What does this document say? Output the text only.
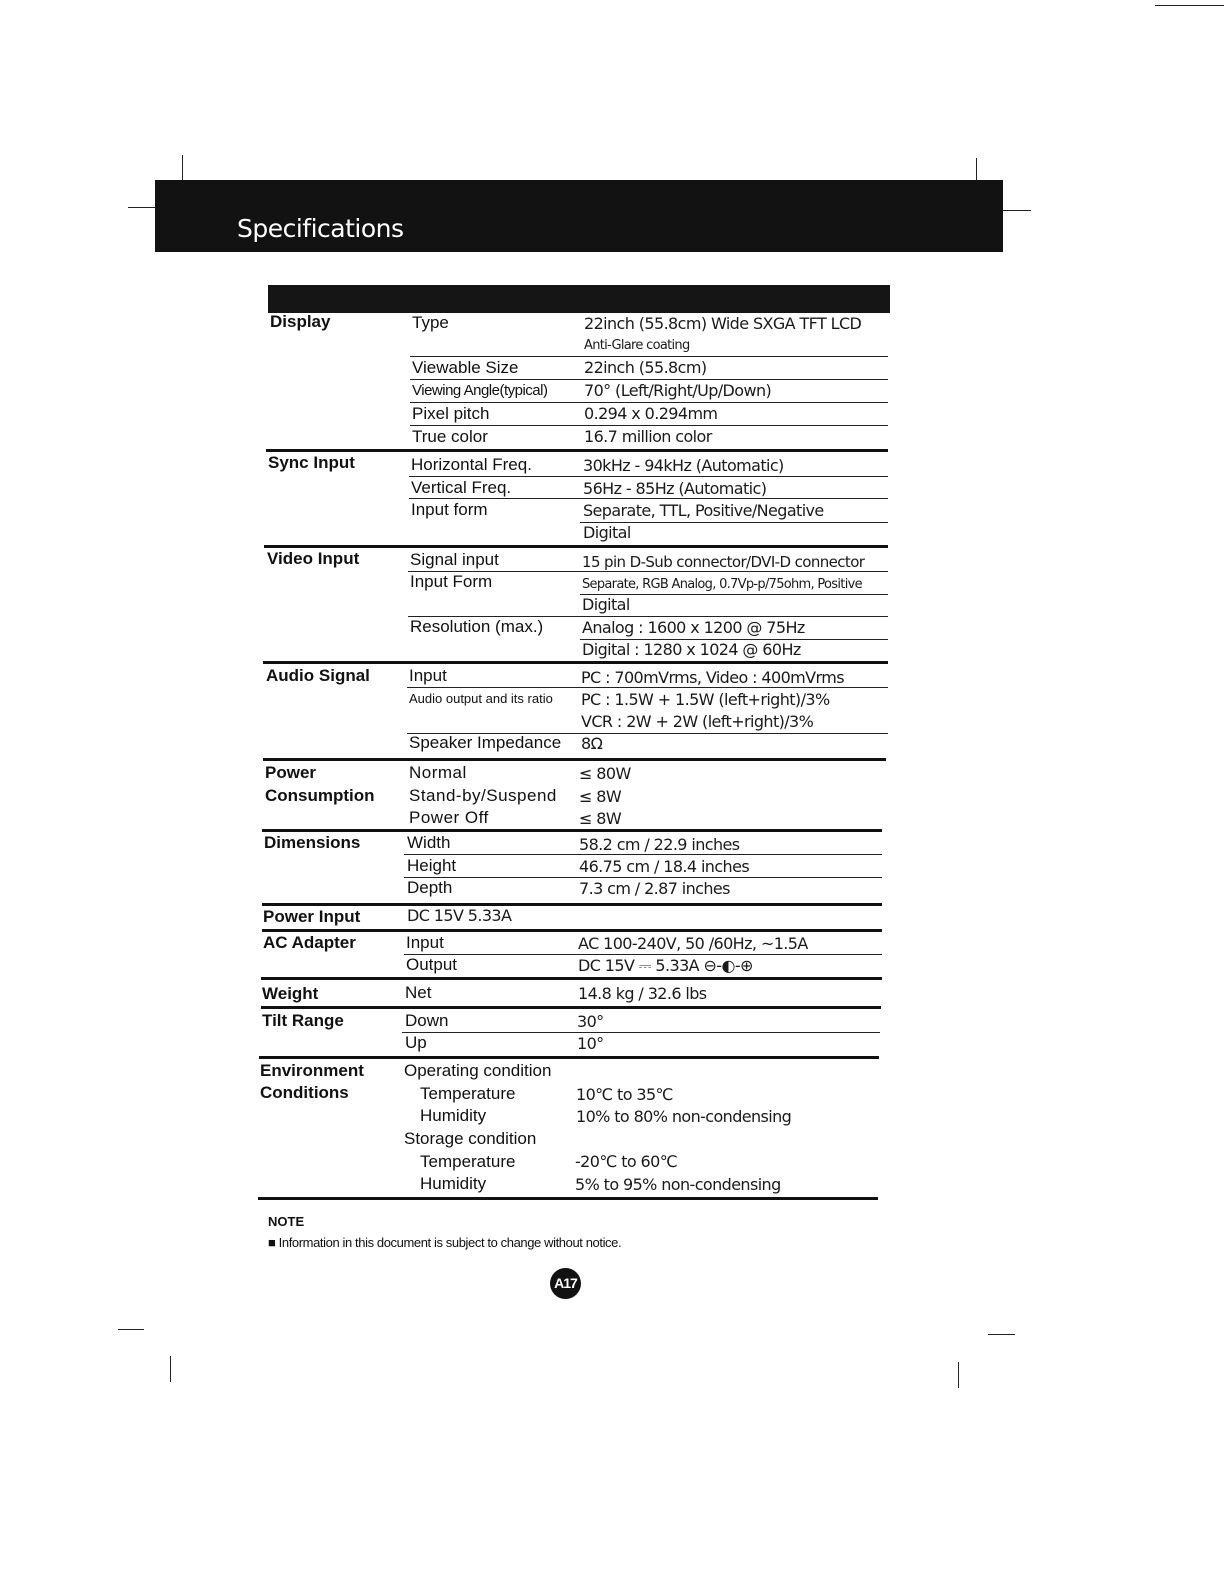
Specifications
Display	Type	22inch (55.8cm) Wide SXGA TFT LCD
Anti-Glare coating
Viewable Size	22inch (55.8cm)
Viewing Angle(typical) 70° (Left/Right/Up/Down)
Pixel pitch	0.294 x 0.294mm
True color	16.7 million color
Sync Input	Horizontal Freq.	30kHz - 94kHz (Automatic)
Vertical Freq.	56Hz - 85Hz (Automatic)
Input form	Separate, TTL, Positive/Negative
Digital
Video Input	Signal input	15 pin D-Sub connector/DVI-D connector
Input Form	Separate, RGB Analog, 0.7Vp-p/75ohm, Positive
Digital
Resolution (max.) Analog : 1600 x 1200 @ 75Hz
Digital : 1280 x 1024 @ 60Hz
Audio Signal Input	PC : 700mVrms, Video : 400mVrms
Audio output and its ratio PC : 1.5W + 1.5W (left+right)/3%
VCR : 2W + 2W (left+right)/3%
Speaker Impedance 8Ω
Power
Consumption
Normal	≤ 80W
Stand-by/Suspend ≤ 8W
Power Off	≤ 8W
Dimensions	Width	58.2 cm / 22.9 inches
Height	46.75 cm / 18.4 inches
Depth	7.3 cm / 2.87 inches
Power Input	DC 15V 5.33A
AC Adapter	Input	AC 100-240V, 50 /60Hz, ~1.5A
Output	DC 15V ⎓ 5.33A ⊖-◐-⊕
Weight	Net	14.8 kg / 32.6 lbs
Tilt Range	Down	30°
Up	10°
Environment
Conditions
Operating condition
Temperature	10℃ to 35℃
Humidity	10% to 80% non-condensing
Storage condition
Temperature	-20℃ to 60℃
Humidity	5% to 95% non-condensing
NOTE
■ Information in this document is subject to change without notice.
A17
